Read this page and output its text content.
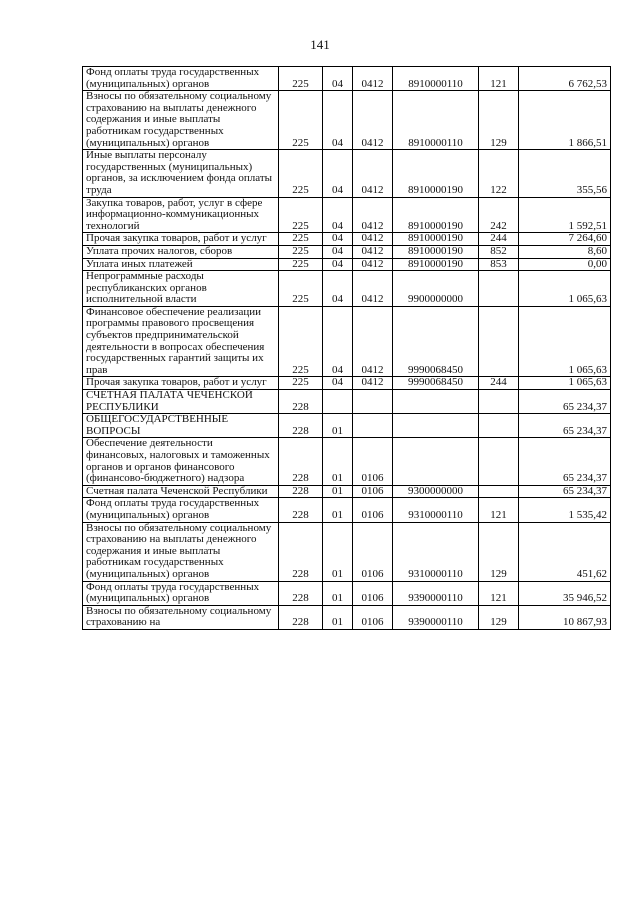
141
Фонд оплаты труда государственных (муниципальных) органов	225	04	0412	8910000110	121	6 762,53
Взносы по обязательному социальному страхованию на выплаты денежного содержания и иные выплаты работникам государственных (муниципальных) органов	225	04	0412	8910000110	129	1 866,51
Иные выплаты персоналу государственных (муниципальных) органов, за исключением фонда оплаты труда	225	04	0412	8910000190	122	355,56
Закупка товаров, работ, услуг в сфере информационно-коммуникационных технологий	225	04	0412	8910000190	242	1 592,51
Прочая закупка товаров, работ и услуг	225	04	0412	8910000190	244	7 264,60
Уплата прочих налогов, сборов	225	04	0412	8910000190	852	8,60
Уплата иных платежей	225	04	0412	8910000190	853	0,00
Непрограммные расходы республиканских органов исполнительной власти	225	04	0412	9900000000		1 065,63
Финансовое обеспечение реализации программы правового просвещения субъектов предпринимательской деятельности в вопросах обеспечения государственных гарантий защиты их прав	225	04	0412	9990068450		1 065,63
Прочая закупка товаров, работ и услуг	225	04	0412	9990068450	244	1 065,63
СЧЕТНАЯ ПАЛАТА ЧЕЧЕНСКОЙ РЕСПУБЛИКИ	228					65 234,37
ОБЩЕГОСУДАРСТВЕННЫЕ ВОПРОСЫ	228	01				65 234,37
Обеспечение деятельности финансовых, налоговых и таможенных органов и органов финансового (финансово-бюджетного) надзора	228	01	0106			65 234,37
Счетная палата Чеченской Республики	228	01	0106	9300000000		65 234,37
Фонд оплаты труда государственных (муниципальных) органов	228	01	0106	9310000110	121	1 535,42
Взносы по обязательному социальному страхованию на выплаты денежного содержания и иные выплаты работникам государственных (муниципальных) органов	228	01	0106	9310000110	129	451,62
Фонд оплаты труда государственных (муниципальных) органов	228	01	0106	9390000110	121	35 946,52
Взносы по обязательному социальному страхованию на	228	01	0106	9390000110	129	10 867,93
